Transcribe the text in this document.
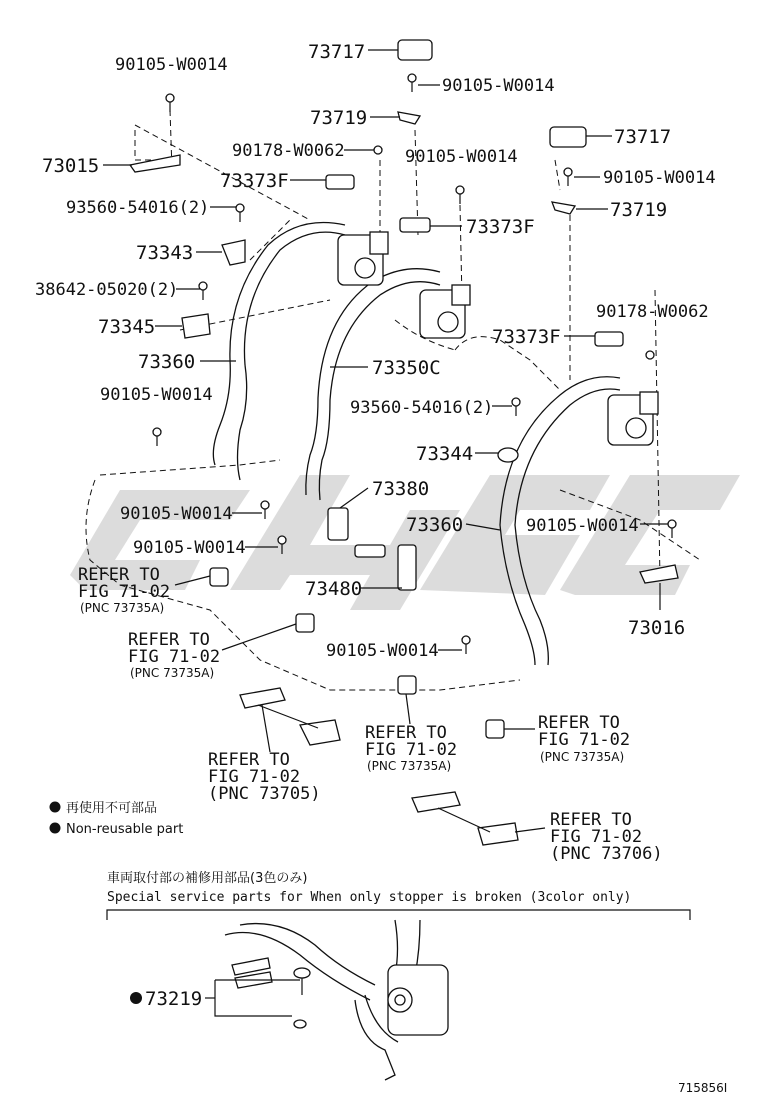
73717
90105-W0014
90105-W0014
73719
73015
90178-W0062	90105-W0014
73717
73373F	90105-W0014
93560-54016(2)	73719
73373F
73343
38642-05020(2)
90178-W0062
73345	73373F
73360	73350C
90105-W0014
93560-54016(2)
73344
73380
90105-W0014	73360	90105-W0014
90105-W0014
73480
73016
90105-W0014
REFER TO
FIG 71-02
(PNC 73735A)
REFER TO
FIG 71-02
(PNC 73735A)
REFER TO
FIG 71-02
(PNC 73705)
REFER TO
FIG 71-02
(PNC 73735A)
REFER TO
FIG 71-02
(PNC 73735A)
REFER TO
FIG 71-02
(PNC 73706)
再使用不可部品
Non-reusable part
車両取付部の補修用部品(3色のみ)
Special service parts for When only stopper is broken (3color only)
73219
715856I
